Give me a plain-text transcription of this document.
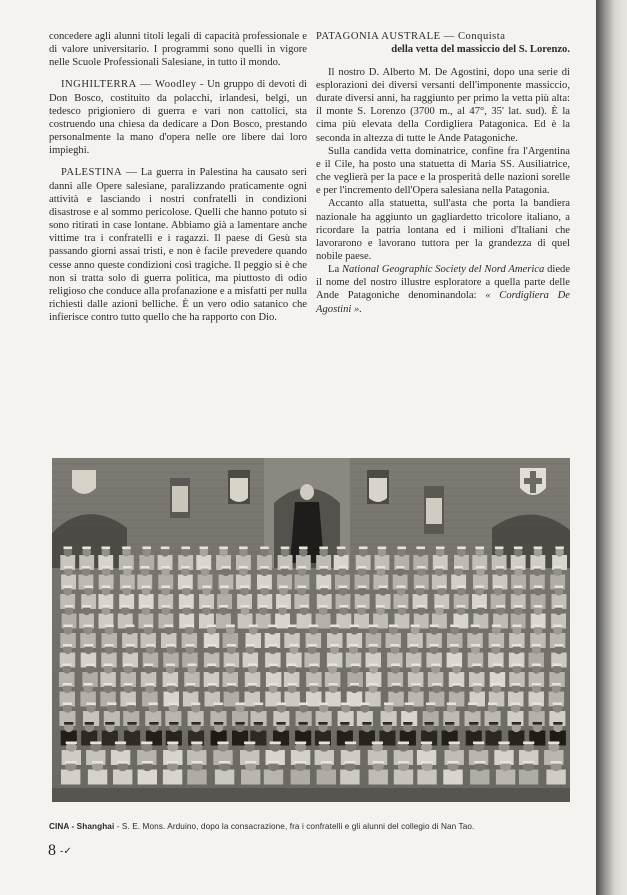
concedere agli alunni titoli legali di capacità professionale e di valore universitario. I programmi sono quelli in vigore nelle Scuole Professionali Salesiane, in tutto il mondo.

INGHILTERRA — Woodley - Un gruppo di devoti di Don Bosco, costituito da polacchi, irlandesi, belgi, un tedesco prigioniero di guerra e vari non cattolici, sta costruendo una chiesa da dedicare a Don Bosco, prestando personalmente la mano d'opera nelle ore libere dai loro impieghi.

PALESTINA — La guerra in Palestina ha causato seri danni alle Opere salesiane, paralizzando praticamente ogni attività e lasciando i nostri confratelli in condizioni disastrose e al sommo pericolose. Quelli che hanno potuto si sono ritirati in case lontane. Abbiamo già a lamentare anche vittime tra i confratelli e i ragazzi. Il paese di Gesù sta passando giorni assai tristi, e non è facile prevedere quando cesse anno queste condizioni così tragiche. Il peggio si è che non si tratta solo di guerra politica, ma piuttosto di odio religioso che conduce alla profanazione e a misfatti per nulla richiesti dalle azioni belliche. È un vero odio satanico che infierisce contro tutto quello che ha rapporto con Dio.

PATAGONIA AUSTRALE — Conquista
della vetta del massiccio del S. Lorenzo.

Il nostro D. Alberto M. De Agostini, dopo una serie di esplorazioni dei diversi versanti dell'imponente massiccio, durate diversi anni, ha raggiunto per primo la vetta più alta: il monte S. Lorenzo (3700 m., al 47°, 35' lat. sud). È la cima più elevata della Cordigliera Patagonica. Ed è la seconda in altezza di tutte le Ande Patagoniche.

Sulla candida vetta dominatrice, confine fra l'Argentina e il Cile, ha posto una statuetta di Maria SS. Ausiliatrice, che veglierà per la pace e la prosperità delle nazioni sorelle e per l'incremento dell'Opera salesiana nella Patagonia.

Accanto alla statuetta, sull'asta che porta la bandiera nazionale ha aggiunto un gagliardetto tricolore italiano, a ricordare la patria lontana ed i milioni d'Italiani che lavorarono e lavorano tuttora per la grandezza di quel nobile paese.

La National Geographic Society del Nord America diede il nome del nostro illustre esploratore a quella parte delle Ande Patagoniche denominandola: « Cordigliera De Agostini ».

CINA - Shanghai - S. E. Mons. Arduino, dopo la consacrazione, fra i confratelli e gli alunni del collegio di Nan Tao.
8 -✓
